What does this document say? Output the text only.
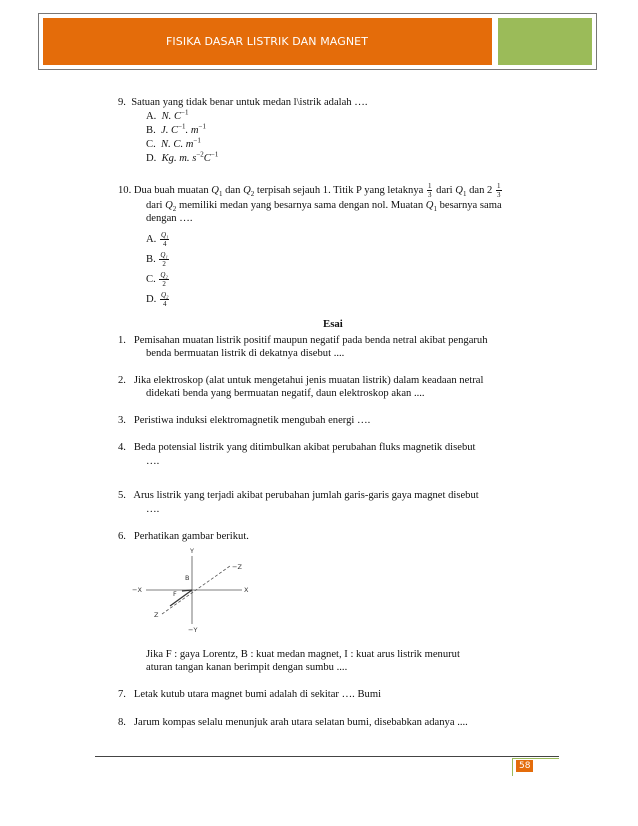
FISIKA DASAR LISTRIK DAN MAGNET
9. Satuan yang tidak benar untuk medan l\istrik adalah ….
A. N. $C^{-1}$
B. J. $C^{-1}$. $m^{-1}$
C. N. C. $m^{-1}$
D. Kg. m. $s^{-2}C^{-1}$
10. Dua buah muatan $Q_1$ dan $Q_2$ terpisah sejauh 1. Titik P yang letaknya $\frac{1}{3}$ dari $Q_1$ dan $2 \frac{1}{3}$
dari $Q_2$ memiliki medan yang besarnya sama dengan nol. Muatan $Q_1$ besarnya sama
dengan ….
A. $\frac{\text{Q₁}}{4}$
B. $\frac{\text{Q₁}}{2}$
C. $\frac{\text{Q₂}}{2}$
D. $\frac{\text{Q₂}}{4}$
Esai
1. Pemisahan muatan listrik positif maupun negatif pada benda netral akibat pengaruh
benda bermuatan listrik di dekatnya disebut ....
2. Jika elektroskop (alat untuk mengetahui jenis muatan listrik) dalam keadaan netral
didekati benda yang bermuatan negatif, daun elektroskop akan ....
3. Peristiwa induksi elektromagnetik mengubah energi ….
4. Beda potensial listrik yang ditimbulkan akibat perubahan fluks magnetik disebut
….
5. Arus listrik yang terjadi akibat perubahan jumlah garis-garis gaya magnet disebut
….
6. Perhatikan gambar berikut.
Y
−Y
X
−X
Z
−Z
B
F
Jika F : gaya Lorentz, B : kuat medan magnet, I : kuat arus listrik menurut
aturan tangan kanan berimpit dengan sumbu ....
7. Letak kutub utara magnet bumi adalah di sekitar …. Bumi
8. Jarum kompas selalu menunjuk arah utara selatan bumi, disebabkan adanya ....
58
